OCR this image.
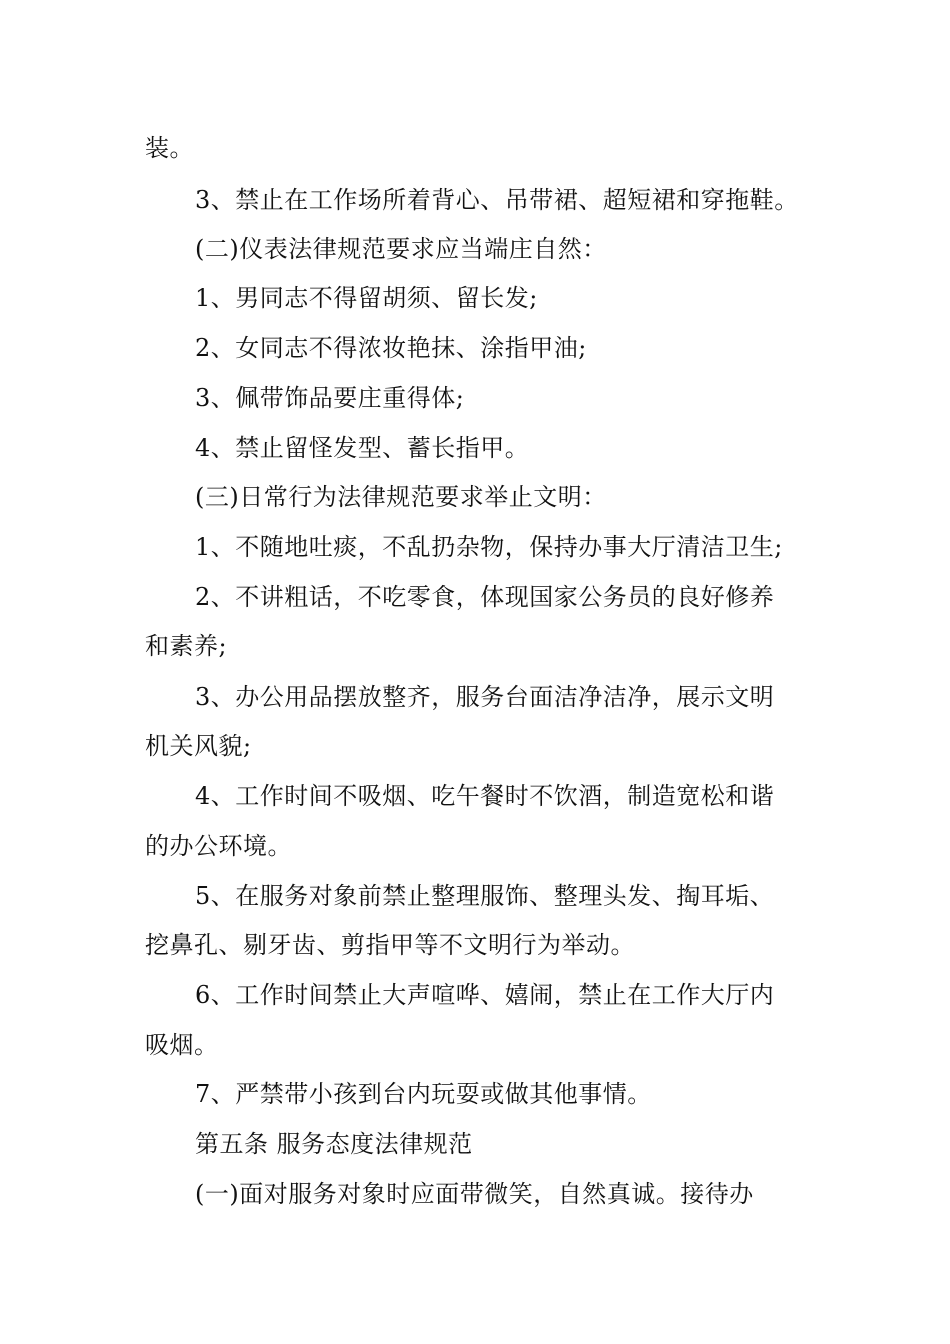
装。
3、禁止在工作场所着背心、吊带裙、超短裙和穿拖鞋。
(二)仪表法律规范要求应当端庄自然：
1、男同志不得留胡须、留长发;
2、女同志不得浓妆艳抹、涂指甲油;
3、佩带饰品要庄重得体;
4、禁止留怪发型、蓄长指甲。
(三)日常行为法律规范要求举止文明：
1、不随地吐痰，不乱扔杂物，保持办事大厅清洁卫生;
2、不讲粗话，不吃零食，体现国家公务员的良好修养
和素养;
3、办公用品摆放整齐，服务台面洁净洁净，展示文明
机关风貌;
4、工作时间不吸烟、吃午餐时不饮酒，制造宽松和谐
的办公环境。
5、在服务对象前禁止整理服饰、整理头发、掏耳垢、
挖鼻孔、剔牙齿、剪指甲等不文明行为举动。
6、工作时间禁止大声喧哗、嬉闹，禁止在工作大厅内
吸烟。
7、严禁带小孩到台内玩耍或做其他事情。
第五条 服务态度法律规范
(一)面对服务对象时应面带微笑，自然真诚。接待办
